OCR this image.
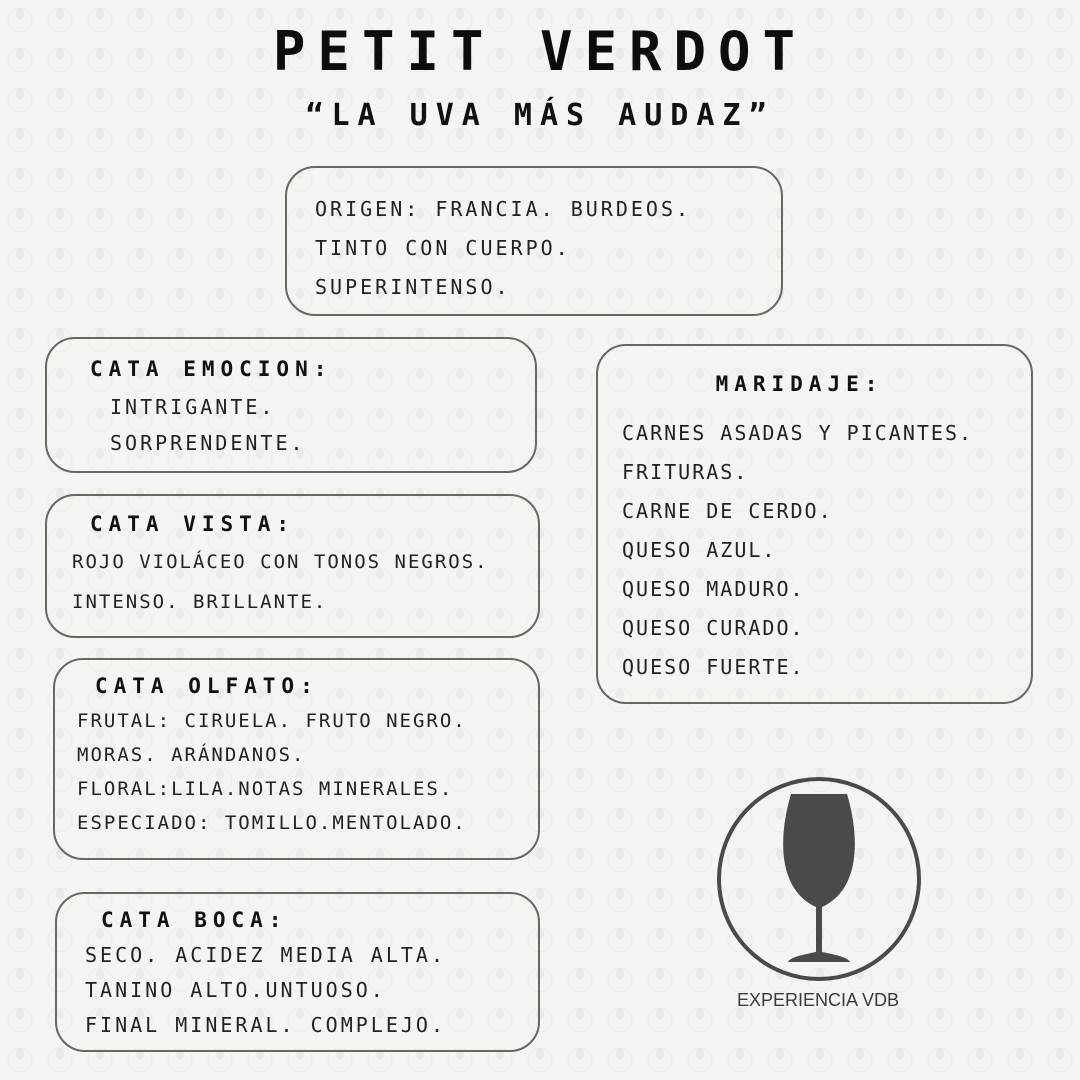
PETIT VERDOT
“LA UVA MÁS AUDAZ”
ORIGEN: FRANCIA. BURDEOS.
TINTO CON CUERPO.
SUPERINTENSO.
CATA EMOCION:
INTRIGANTE.
SORPRENDENTE.
CATA VISTA:
ROJO VIOLÁCEO CON TONOS NEGROS.
INTENSO. BRILLANTE.
CATA OLFATO:
FRUTAL: CIRUELA. FRUTO NEGRO.
MORAS. ARÁNDANOS.
FLORAL:LILA.NOTAS MINERALES.
ESPECIADO: TOMILLO.MENTOLADO.
CATA BOCA:
SECO. ACIDEZ MEDIA ALTA.
TANINO ALTO.UNTUOSO.
FINAL MINERAL. COMPLEJO.
MARIDAJE:
CARNES ASADAS Y PICANTES.
FRITURAS.
CARNE DE CERDO.
QUESO AZUL.
QUESO MADURO.
QUESO CURADO.
QUESO FUERTE.
EXPERIENCIA VDB
